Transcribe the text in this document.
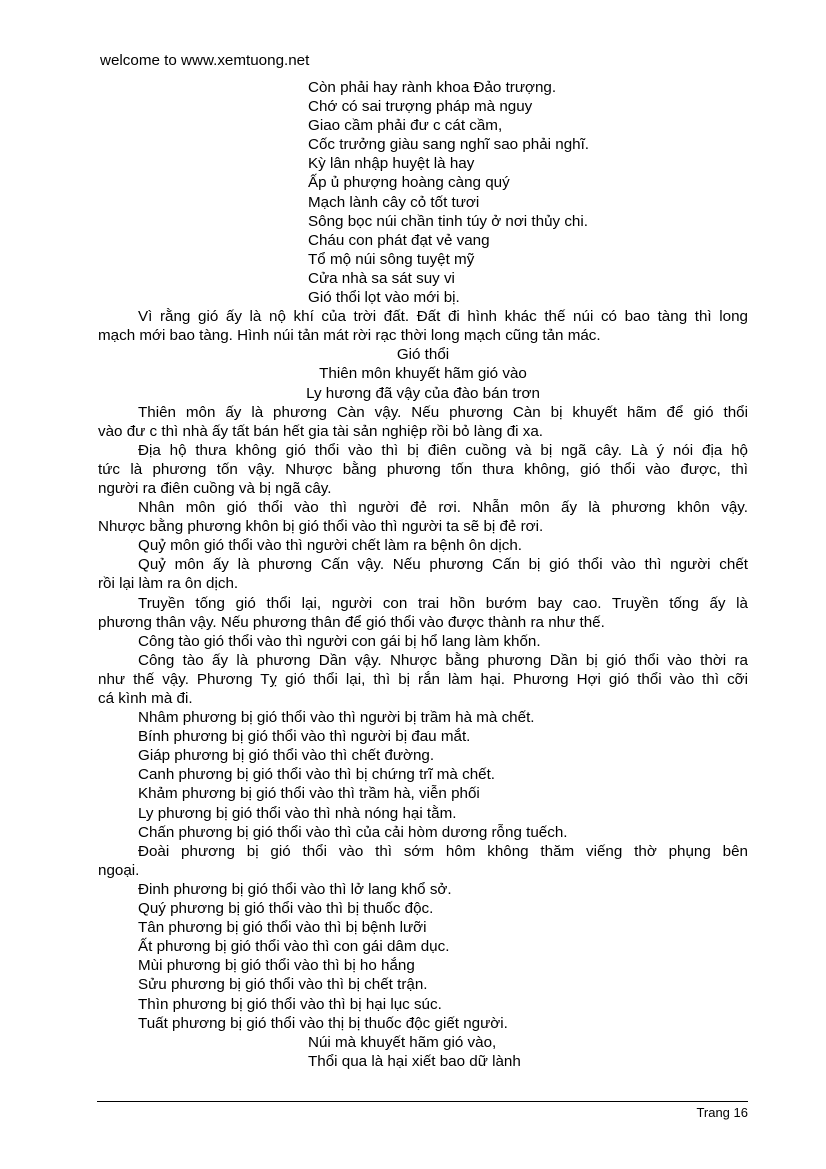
welcome to www.xemtuong.net
Còn phải hay rành khoa Đảo trượng.
Chớ có sai trượng pháp mà nguy
Giao cầm phải đư c cát cầm,
Cốc trưởng giàu sang nghĩ sao phải nghĩ.
Kỳ lân nhập huyệt là hay
Ấp ủ phượng hoàng càng quý
Mạch lành cây cỏ tốt tươi
Sông bọc núi chần tinh túy ở nơi thủy chi.
Cháu con phát đạt vẻ vang
Tổ mộ núi sông tuyệt mỹ
Cửa nhà sa sát suy vi
Gió thổi lọt vào mới bị.
Vì rằng gió ấy là nộ khí của trời đất. Đất đi hình khác thế núi có bao tàng thì long
mạch mới bao tàng. Hình núi tản mát rời rạc thời long mạch cũng tản mác.
Gió thổi
Thiên môn khuyết hãm gió vào
Ly hương đã vậy của đào bán trơn
Thiên môn ấy là phương Càn vậy. Nếu phương Càn bị khuyết hãm để gió thổi
vào đư c thì nhà ấy tất bán hết gia tài sản nghiệp rồi bỏ làng đi xa.
Địa hộ thưa không gió thổi vào thì bị điên cuồng và bị ngã cây. Là ý nói địa hộ
tức là phương tốn vậy. Nhược bằng phương tốn thưa không, gió thổi vào được, thì
người ra điên cuồng và bị ngã cây.
Nhân môn gió thổi vào thì người đẻ rơi. Nhẫn môn ấy là phương khôn vậy.
Nhược bằng phương khôn bị gió thổi vào thì người ta sẽ bị đẻ rơi.
Quỷ môn gió thổi vào thì người chết làm ra bệnh ôn dịch.
Quỷ môn ấy là phương Cấn vậy. Nếu phương Cấn bị gió thổi vào thì người chết
rồi lại làm ra ôn dịch.
Truyền tống gió thổi lại, người con trai hồn bướm bay cao. Truyền tống ấy là
phương thân vậy. Nếu phương thân để gió thổi vào được thành ra như thế.
Công tào gió thổi vào thì người con gái bị hổ lang làm khốn.
Công tào ấy là phương Dần vậy. Nhược bằng phương Dần bị gió thổi vào thời ra
như thế vậy. Phương Tỵ gió thổi lại, thì bị rắn làm hại. Phương Hợi gió thổi vào thì cỡi
cá kình mà đi.
Nhâm phương bị gió thổi vào thì người bị trầm hà mà chết.
Bính phương bị gió thổi vào thì người bị đau mắt.
Giáp phương bị gió thổi vào thì chết đường.
Canh phương bị gió thổi vào thì bị chứng trĩ mà chết.
Khảm phương bị gió thổi vào thì trầm hà, viễn phối
Ly phương bị gió thổi vào thì nhà nóng hại tằm.
Chấn phương bị gió thổi vào thì của cải hòm dương rỗng tuếch.
Đoài phương bị gió thổi vào thì sớm hôm không thăm viếng thờ phụng bên
ngoại.
Đinh phương bị gió thổi vào thì lở lang khổ sở.
Quý phương bị gió thổi vào thì bị thuốc độc.
Tân phương bị gió thổi vào thì bị bệnh lưỡi
Ất phương bị gió thổi vào thì con gái dâm dục.
Mùi phương bị gió thổi vào thì bị ho hắng
Sửu phương bị gió thổi vào thì bị chết trận.
Thìn phương bị gió thổi vào thì bị hại lục súc.
Tuất phương bị gió thổi vào thị bị thuốc độc giết người.
Núi mà khuyết hãm gió vào,
Thổi qua là hại xiết bao dữ lành
Trang 16
